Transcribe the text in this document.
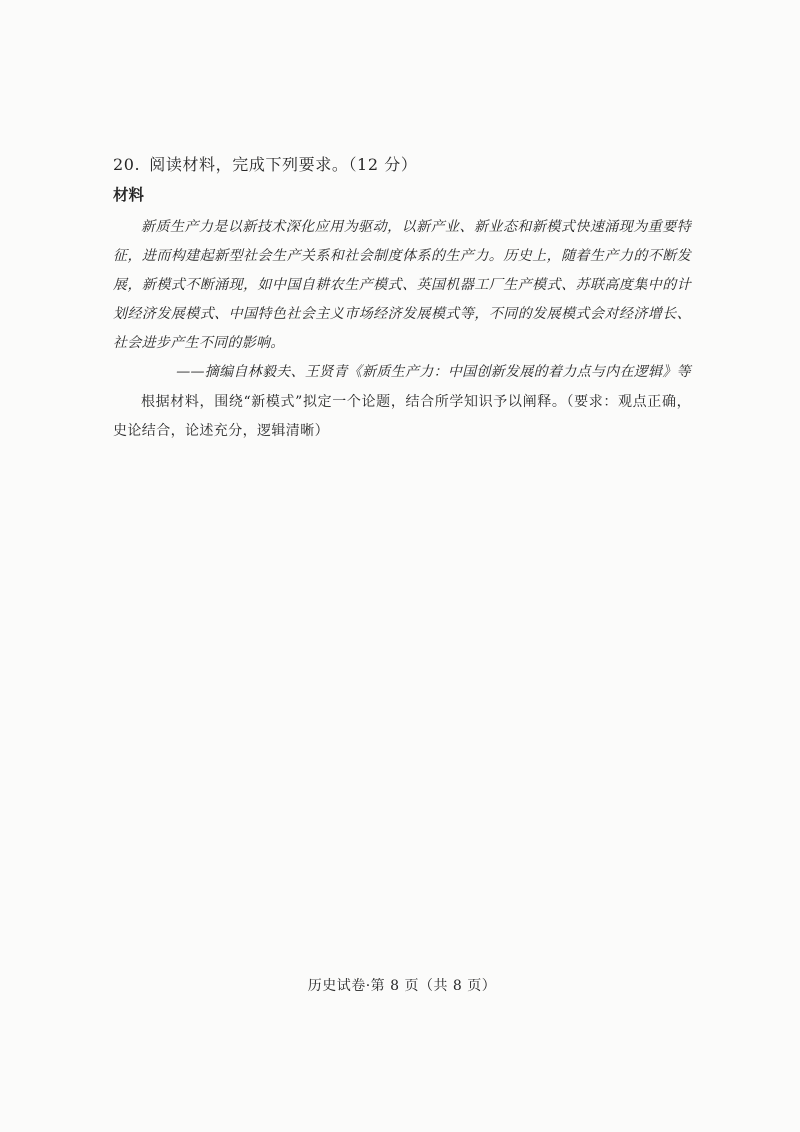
20. 阅读材料，完成下列要求。（12 分）
材料

新质生产力是以新技术深化应用为驱动，以新产业、新业态和新模式快速涌现为重要特征，进而构建起新型社会生产关系和社会制度体系的生产力。历史上，随着生产力的不断发展，新模式不断涌现，如中国自耕农生产模式、英国机器工厂生产模式、苏联高度集中的计划经济发展模式、中国特色社会主义市场经济发展模式等，不同的发展模式会对经济增长、社会进步产生不同的影响。

——摘编自林毅夫、王贤青《新质生产力：中国创新发展的着力点与内在逻辑》等

根据材料，围绕“新模式”拟定一个论题，结合所学知识予以阐释。（要求：观点正确，史论结合，论述充分，逻辑清晰）

历史试卷·第 8 页（共 8 页）
